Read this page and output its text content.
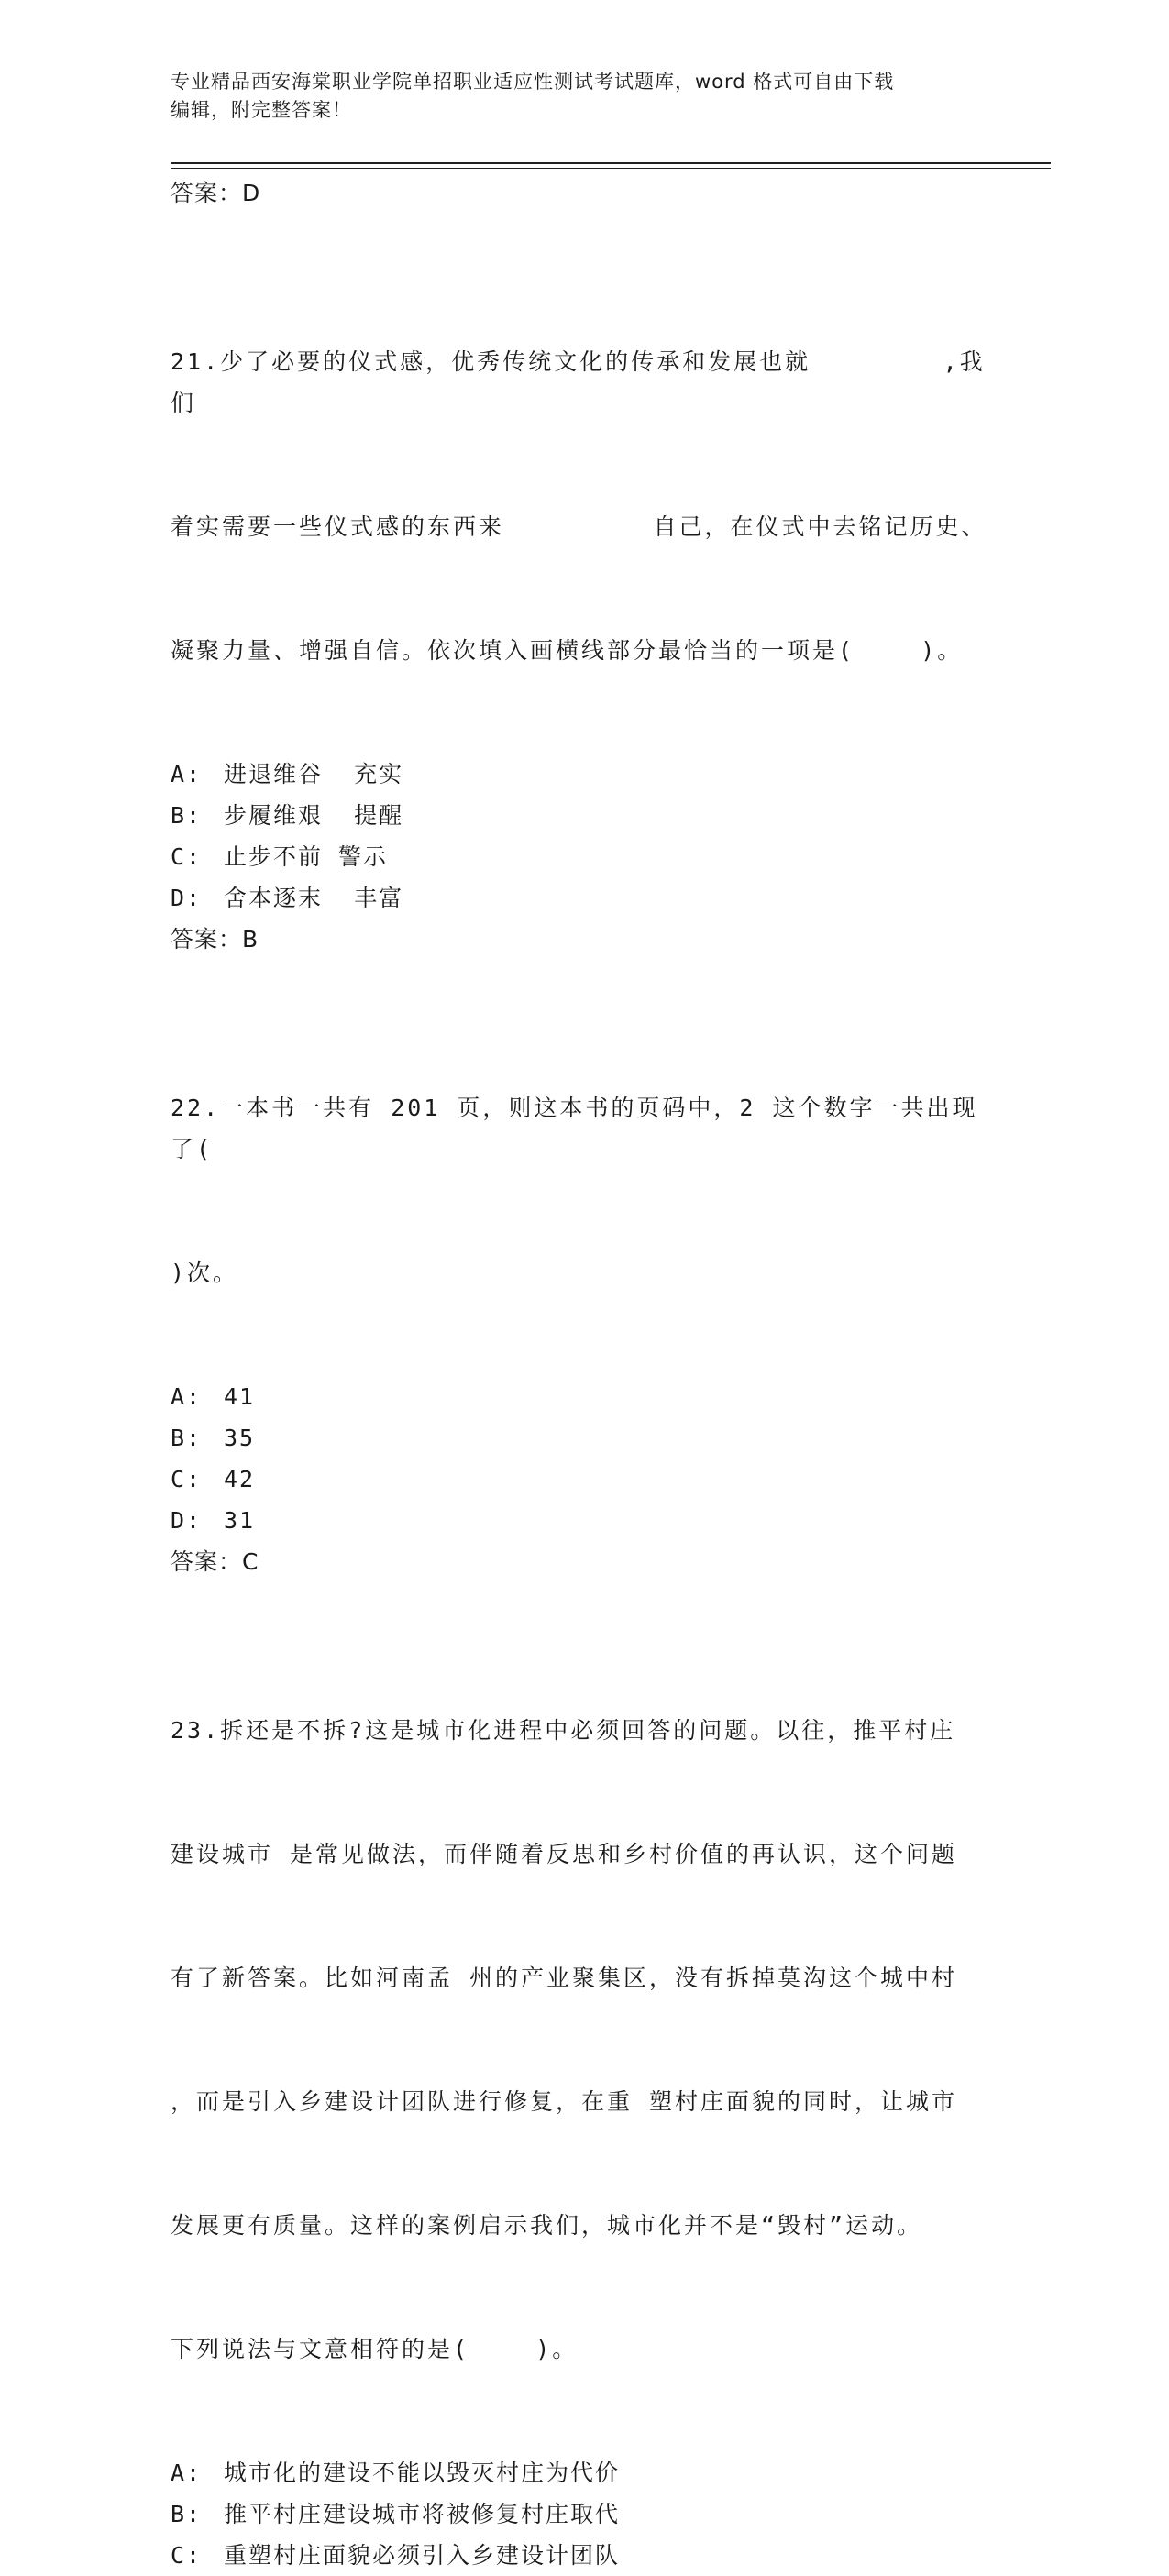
专业精品西安海棠职业学院单招职业适应性测试考试题库，word 格式可自由下载
编辑，附完整答案！

答案：D

21.少了必要的仪式感，优秀传统文化的传承和发展也就        ,我们

着实需要一些仪式感的东西来         自己，在仪式中去铭记历史、

凝聚力量、增强自信。依次填入画横线部分最恰当的一项是(    )。

A: 进退维谷  充实
B: 步履维艰  提醒
C: 止步不前 警示
D: 舍本逐末  丰富

答案：B

22.一本书一共有 201 页，则这本书的页码中，2 这个数字一共出现了(

)次。

A: 41
B: 35
C: 42
D: 31

答案：C

23.拆还是不拆?这是城市化进程中必须回答的问题。以往，推平村庄

建设城市 是常见做法，而伴随着反思和乡村价值的再认识，这个问题

有了新答案。比如河南孟 州的产业聚集区，没有拆掉莫沟这个城中村

，而是引入乡建设计团队进行修复，在重 塑村庄面貌的同时，让城市

发展更有质量。这样的案例启示我们，城市化并不是“毁村”运动。

下列说法与文意相符的是(    )。

A: 城市化的建设不能以毁灭村庄为代价
B: 推平村庄建设城市将被修复村庄取代
C: 重塑村庄面貌必须引入乡建设计团队
